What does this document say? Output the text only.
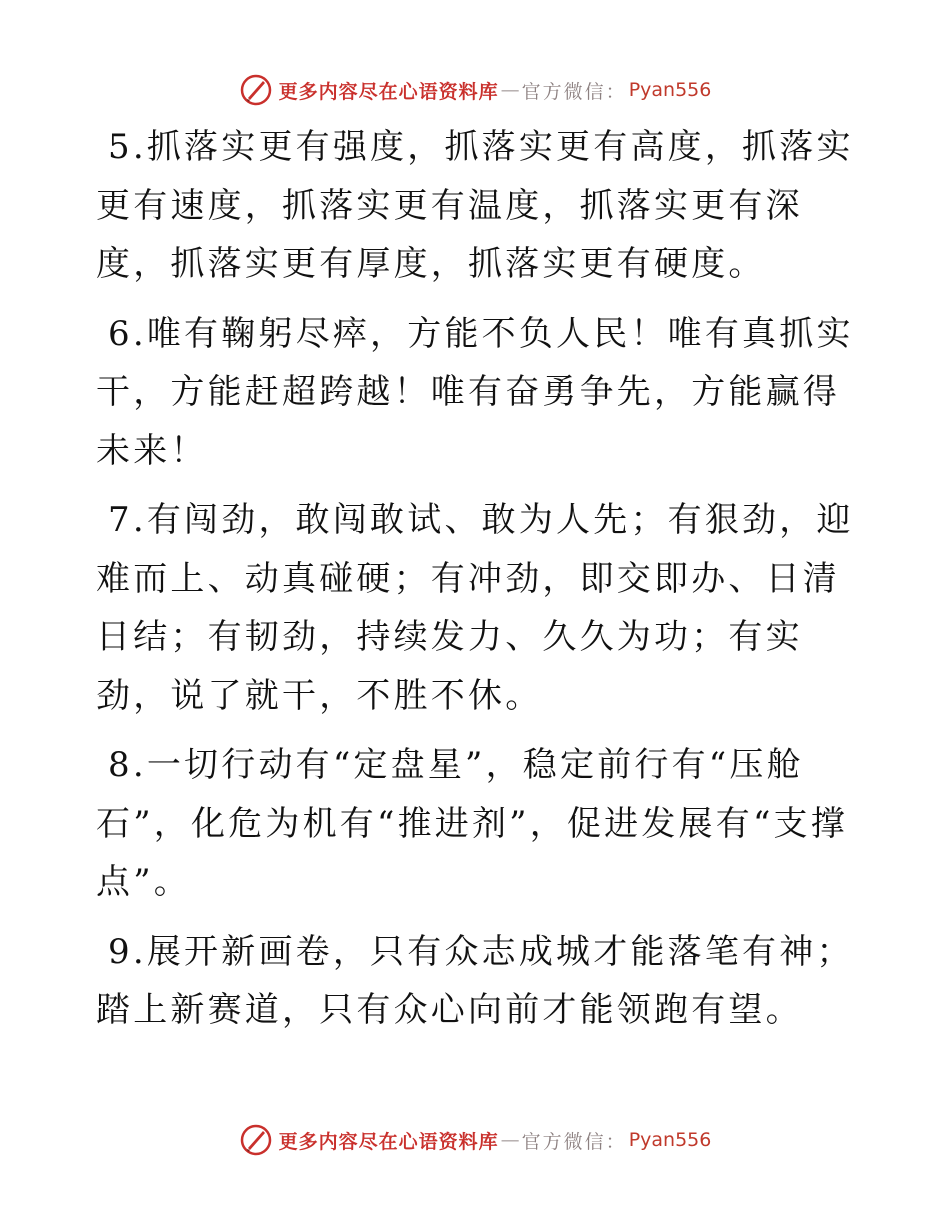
更多内容尽在心语资料库 — 官方微信： Pyan556

5.抓落实更有强度，抓落实更有高度，抓落实更有速度，抓落实更有温度，抓落实更有深度，抓落实更有厚度，抓落实更有硬度。

6.唯有鞠躬尽瘁，方能不负人民！唯有真抓实干，方能赶超跨越！唯有奋勇争先，方能赢得未来！

7.有闯劲，敢闯敢试、敢为人先；有狠劲，迎难而上、动真碰硬；有冲劲，即交即办、日清日结；有韧劲，持续发力、久久为功；有实劲，说了就干，不胜不休。

8.一切行动有“定盘星”，稳定前行有“压舱石”，化危为机有“推进剂”，促进发展有“支撑点”。

9.展开新画卷，只有众志成城才能落笔有神；踏上新赛道，只有众心向前才能领跑有望。

更多内容尽在心语资料库 — 官方微信： Pyan556
